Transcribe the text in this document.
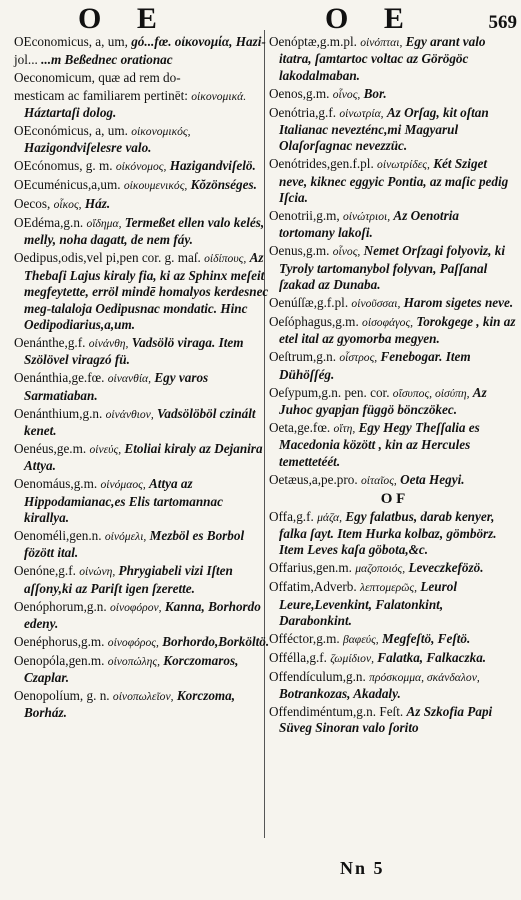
O E	O E	569
OEconomicus, a, um, gó...fœ. οἰκονομία, Hazi-
jol... ...m Beßednec orationac
Oeconomicum, quæ ad rem do-
mesticam ac familiarem pertinēt: οἰκονομικά. Háztartaſi dolog.
OEconómicus, a, um. οἰκονομικός, Hazigondviſelesre valo.
OEcónomus, g. m. οἰκόνομος, Hazigandviſelö.
OEcuménicus,a,um. οἰκουμενικός, Kŏzönséges.
Oecos, οἶκος, Ház.
OEdéma,g.n. οἴδημα, Termeßet ellen valo kelés, melly, noha dagatt, de nem fáy.
Oedipus,odis,vel pi,pen cor. g. maſ. οἰδίπους, Az Thebaſi Lajus kiraly fia, ki az Sphinx meſeit megfeytette, erröl mindē homalyos kerdesnec meg-talaloja Oedipusnac mondatic. Hinc Oedipodiarius,a,um.
Oenánthe,g.f. οἰνάνθη, Vadsölö viraga. Item Szölövel viragzó fü.
Oenánthia,ge.fœ. οἰνανθία, Egy varos Sarmatiaban.
Oenánthium,g.n. οἰνάνθιον, Vadsölöböl czinált kenet.
Oenéus,ge.m. οἰνεύς, Etoliai kiraly az Dejanira Attya.
Oenomáus,g.m. οἰνόμαος, Attya az Hippodamianac,es Elis tartomannac kirallya.
Oenoméli,gen.n. οἰνόμελι, Mezböl es Borbol fözött ital.
Oenóne,g.f. οἰνώνη, Phrygiabeli vizi Iſten aſſony,ki az Pariſt igen ſzerette.
Oenóphorum,g.n. οἰνοφόρον, Kanna, Borhordo edeny.
Oenéphorus,g.m. οἰνοφόρος, Borhordo,Borköltö.
Oenopóla,gen.m. οἰνοπώλης, Korczomaros, Czaplar.
Oenopolíum, g. n. οἰνοπωλεῖον, Korczoma, Borház.
Oenóptæ,g.m.pl. οἰνόπται, Egy arant valo itatra, ſamtartoc voltac az Görögöc lakodalmaban.
Oenos,g.m. οἶνος, Bor.
Oenótria,g.f. οἰνωτρία, Az Orſag, kit oſtan Italianac nevezténc,mi Magyarul Olaſorſagnac nevezzüc.
Oenótrides,gen.f.pl. οἰνωτρίδες, Két Sziget neve, kiknec eggyic Pontia, az maſic pedig Iſcia.
Oenotrii,g.m, οἰνώτριοι, Az Oenotria tortomany lakoſi.
Oenus,g.m. οἶνος, Nemet Orſzagi folyoviz, ki Tyroly tartomanybol folyvan, Paſſanal ſzakad az Dunaba.
Oenúſſæ,g.f.pl. οἰνοῦσσαι, Harom sigetes neve.
Oeſóphagus,g.m. οἰσοφάγος, Torokgege , kin az etel ital az gyomorba megyen.
Oeſtrum,g.n. οἶστρος, Fenebogar. Item Dühöſſég.
Oeſypum,g.n. pen. cor. οἴσυπος, οἰσύπη, Az Juhoc gyapjan függö bönczökec.
Oeta,ge.fœ. οἴτη, Egy Hegy Theſſalia es Macedonia között , kin az Hercules temettetéét.
Oetæus,a,pe.pro. οἰταῖος, Oeta Hegyi.
O F
Offa,g.f. μάζα, Egy falatbus, darab kenyer, falka ſayt. Item Hurka kolbaz, gömbörz. Item Leves kaſa göbota,&c.
Offarius,gen.m. μαζοποιός, Leveczkefözö.
Offatim,Adverb. λεπτομερῶς, Leurol Leure,Levenkint, Falatonkint, Darabonkint.
Offéctor,g.m. βαφεύς, Megfeſtö, Feſtö.
Offélla,g.f. ζωμίδιον, Falatka, Falkaczka.
Offendículum,g.n. πρόσκομμα, σκάνδαλον, Botrankozas, Akadaly.
Offendiméntum,g.n. Feſt. Az Szkofia Papi Süveg Sinoran valo ſorito
Nn 5
